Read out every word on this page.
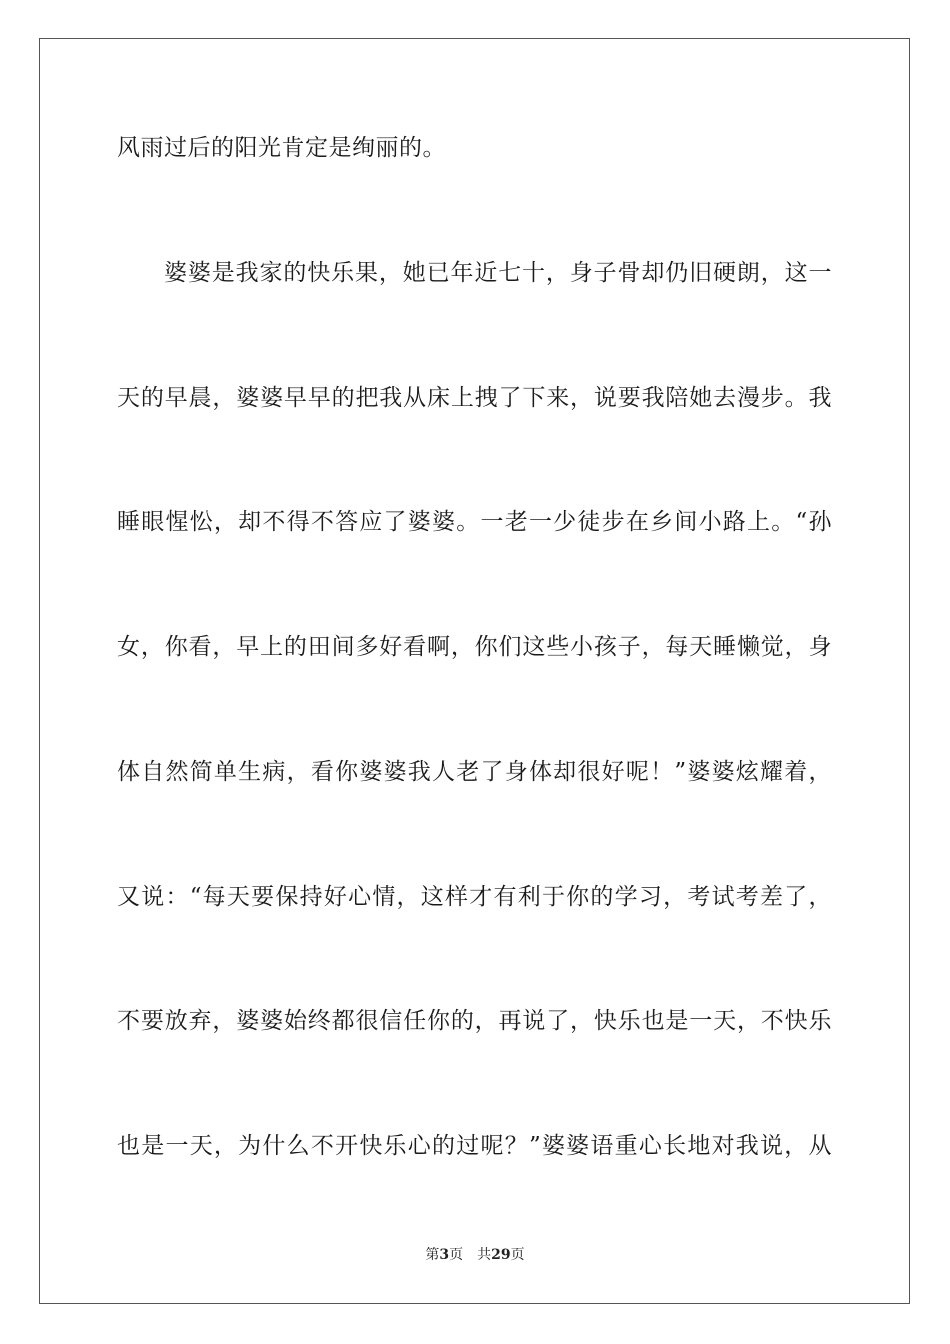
风雨过后的阳光肯定是绚丽的。
婆婆是我家的快乐果，她已年近七十，身子骨却仍旧硬朗，这一
天的早晨，婆婆早早的把我从床上拽了下来，说要我陪她去漫步。我
睡眼惺忪，却不得不答应了婆婆。一老一少徒步在乡间小路上。“孙
女，你看，早上的田间多好看啊，你们这些小孩子，每天睡懒觉，身
体自然简单生病，看你婆婆我人老了身体却很好呢！”婆婆炫耀着，
又说：“每天要保持好心情，这样才有利于你的学习，考试考差了，
不要放弃，婆婆始终都很信任你的，再说了，快乐也是一天，不快乐
也是一天，为什么不开快乐心的过呢？”婆婆语重心长地对我说，从
第3页 共29页
